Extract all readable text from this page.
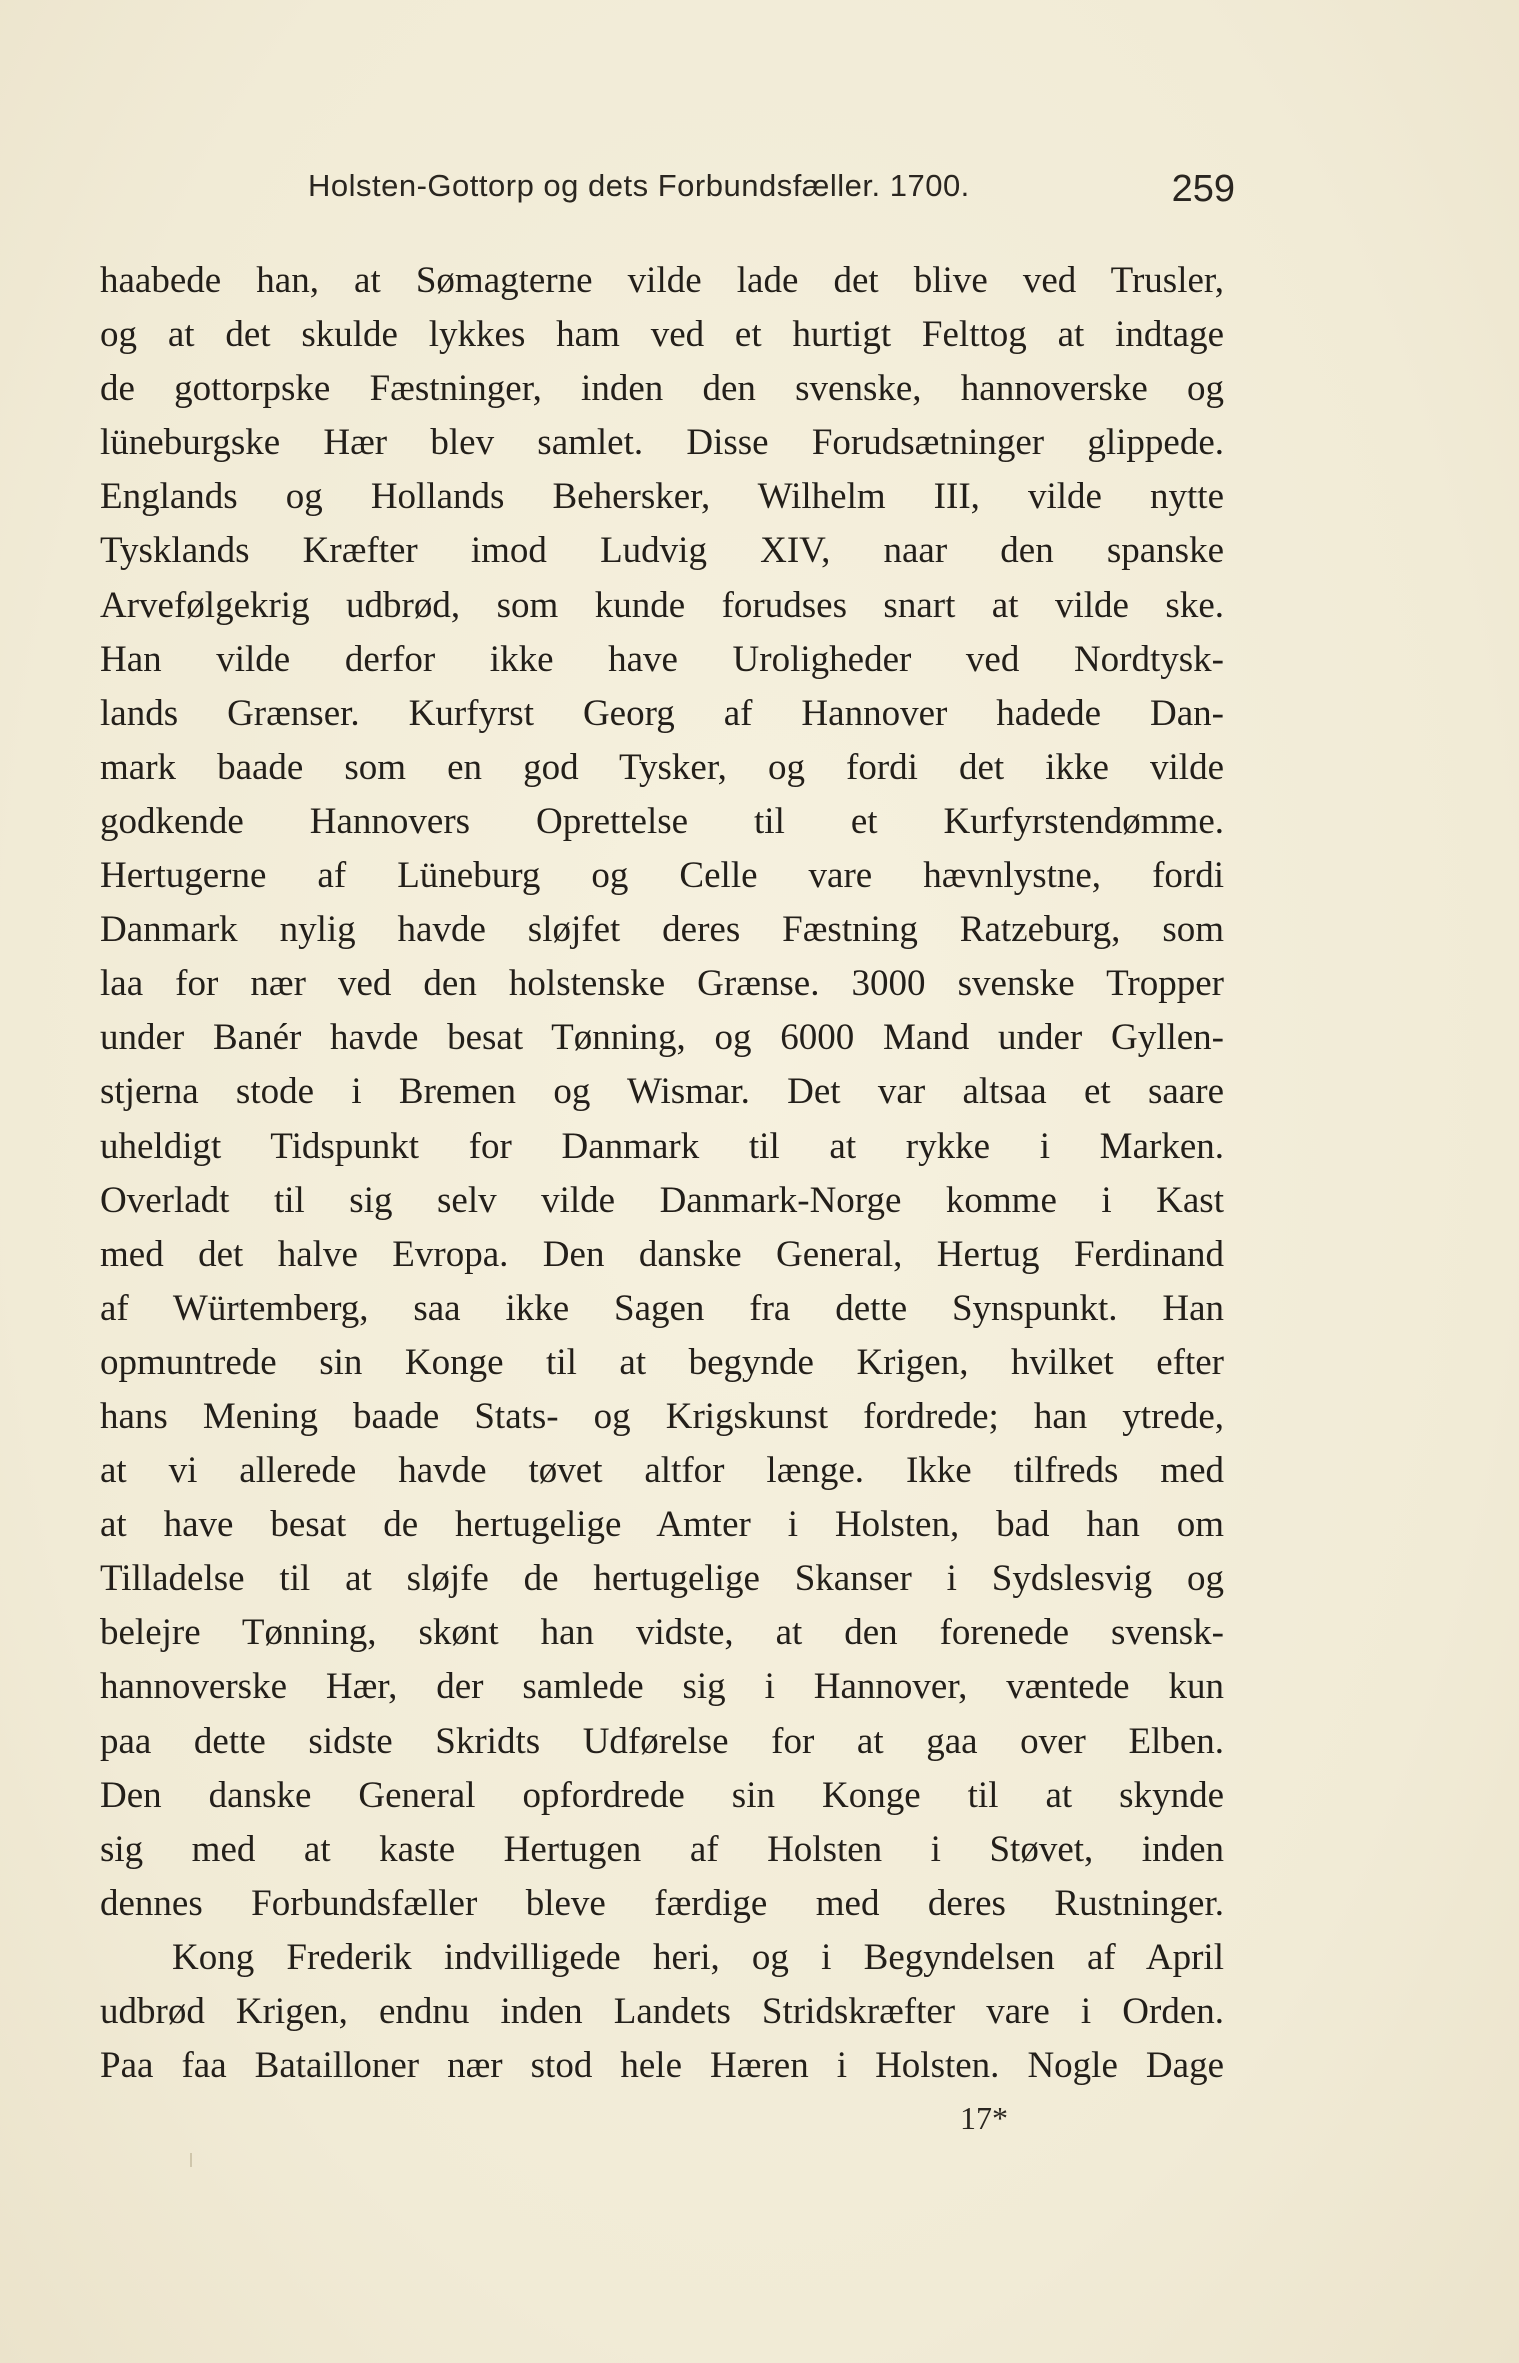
Holsten-Gottorp og dets Forbundsfæller. 1700.	259
haabede han, at Sømagterne vilde lade det blive ved Trusler,
og at det skulde lykkes ham ved et hurtigt Felttog at indtage
de gottorpske Fæstninger, inden den svenske, hannoverske og
lüneburgske Hær blev samlet. Disse Forudsætninger glippede.
Englands og Hollands Behersker, Wilhelm III, vilde nytte
Tysklands Kræfter imod Ludvig XIV, naar den spanske
Arvefølgekrig udbrød, som kunde forudses snart at vilde ske.
Han vilde derfor ikke have Uroligheder ved Nordtysk-
lands Grænser. Kurfyrst Georg af Hannover hadede Dan-
mark baade som en god Tysker, og fordi det ikke vilde
godkende Hannovers Oprettelse til et Kurfyrstendømme.
Hertugerne af Lüneburg og Celle vare hævnlystne, fordi
Danmark nylig havde sløjfet deres Fæstning Ratzeburg, som
laa for nær ved den holstenske Grænse. 3000 svenske Tropper
under Banér havde besat Tønning, og 6000 Mand under Gyllen-
stjerna stode i Bremen og Wismar. Det var altsaa et saare
uheldigt Tidspunkt for Danmark til at rykke i Marken.
Overladt til sig selv vilde Danmark-Norge komme i Kast
med det halve Evropa. Den danske General, Hertug Ferdinand
af Würtemberg, saa ikke Sagen fra dette Synspunkt. Han
opmuntrede sin Konge til at begynde Krigen, hvilket efter
hans Mening baade Stats- og Krigskunst fordrede; han ytrede,
at vi allerede havde tøvet altfor længe. Ikke tilfreds med
at have besat de hertugelige Amter i Holsten, bad han om
Tilladelse til at sløjfe de hertugelige Skanser i Sydslesvig og
belejre Tønning, skønt han vidste, at den forenede svensk-
hannoverske Hær, der samlede sig i Hannover, væntede kun
paa dette sidste Skridts Udførelse for at gaa over Elben.
Den danske General opfordrede sin Konge til at skynde
sig med at kaste Hertugen af Holsten i Støvet, inden
dennes Forbundsfæller bleve færdige med deres Rustninger.
Kong Frederik indvilligede heri, og i Begyndelsen af April
udbrød Krigen, endnu inden Landets Stridskræfter vare i Orden.
Paa faa Batailloner nær stod hele Hæren i Holsten. Nogle Dage
17*
